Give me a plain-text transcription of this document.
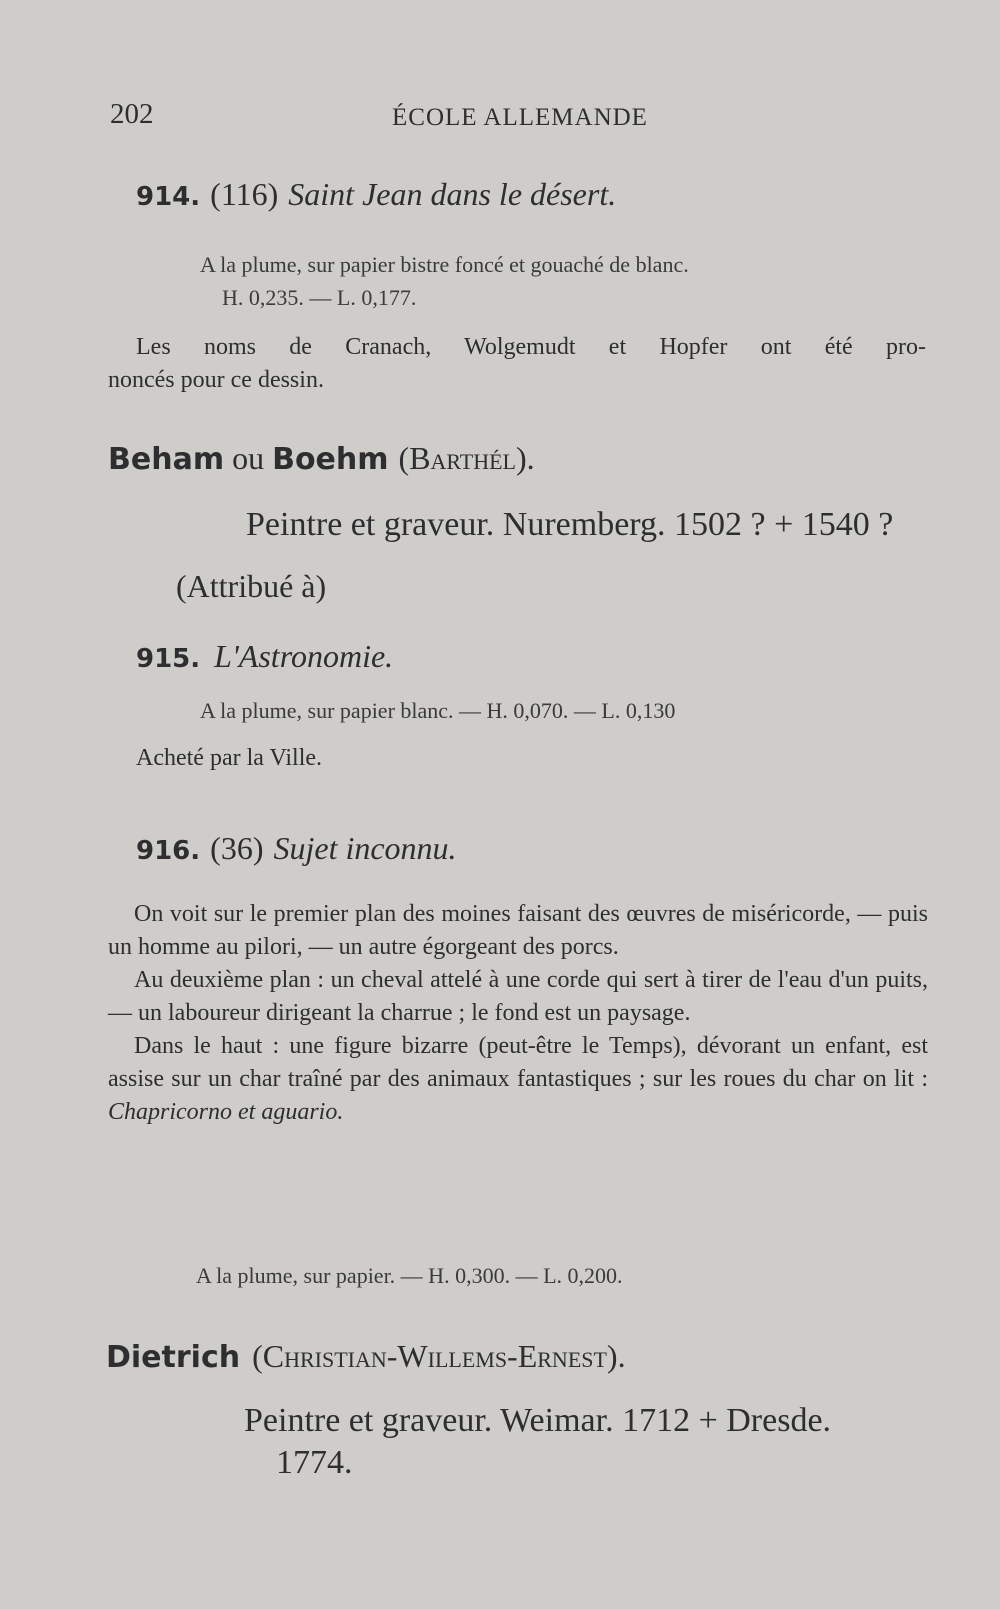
202	ÉCOLE ALLEMANDE
914. (116) Saint Jean dans le désert.
A la plume, sur papier bistre foncé et gouaché de blanc.
H. 0,235. — L. 0,177.
Les noms de Cranach, Wolgemudt et Hopfer ont été pro-
noncés pour ce dessin.
Beham ou Boehm (Barthél).
Peintre et graveur. Nuremberg. 1502 ? + 1540 ?
(Attribué à)
915. L'Astronomie.
A la plume, sur papier blanc. — H. 0,070. — L. 0,130
Acheté par la Ville.
916. (36) Sujet inconnu.

On voit sur le premier plan des moines faisant des œuvres de miséricorde, — puis un homme au pilori, — un autre égorgeant des porcs.

Au deuxième plan : un cheval attelé à une corde qui sert à tirer de l'eau d'un puits, — un laboureur dirigeant la charrue ; le fond est un paysage.

Dans le haut : une figure bizarre (peut-être le Temps), dévorant un enfant, est assise sur un char traîné par des animaux fantastiques ; sur les roues du char on lit : Chapricorno et aguario.

A la plume, sur papier. — H. 0,300. — L. 0,200.
Dietrich (Christian-Willems-Ernest).
Peintre et graveur. Weimar. 1712 + Dresde.
1774.
